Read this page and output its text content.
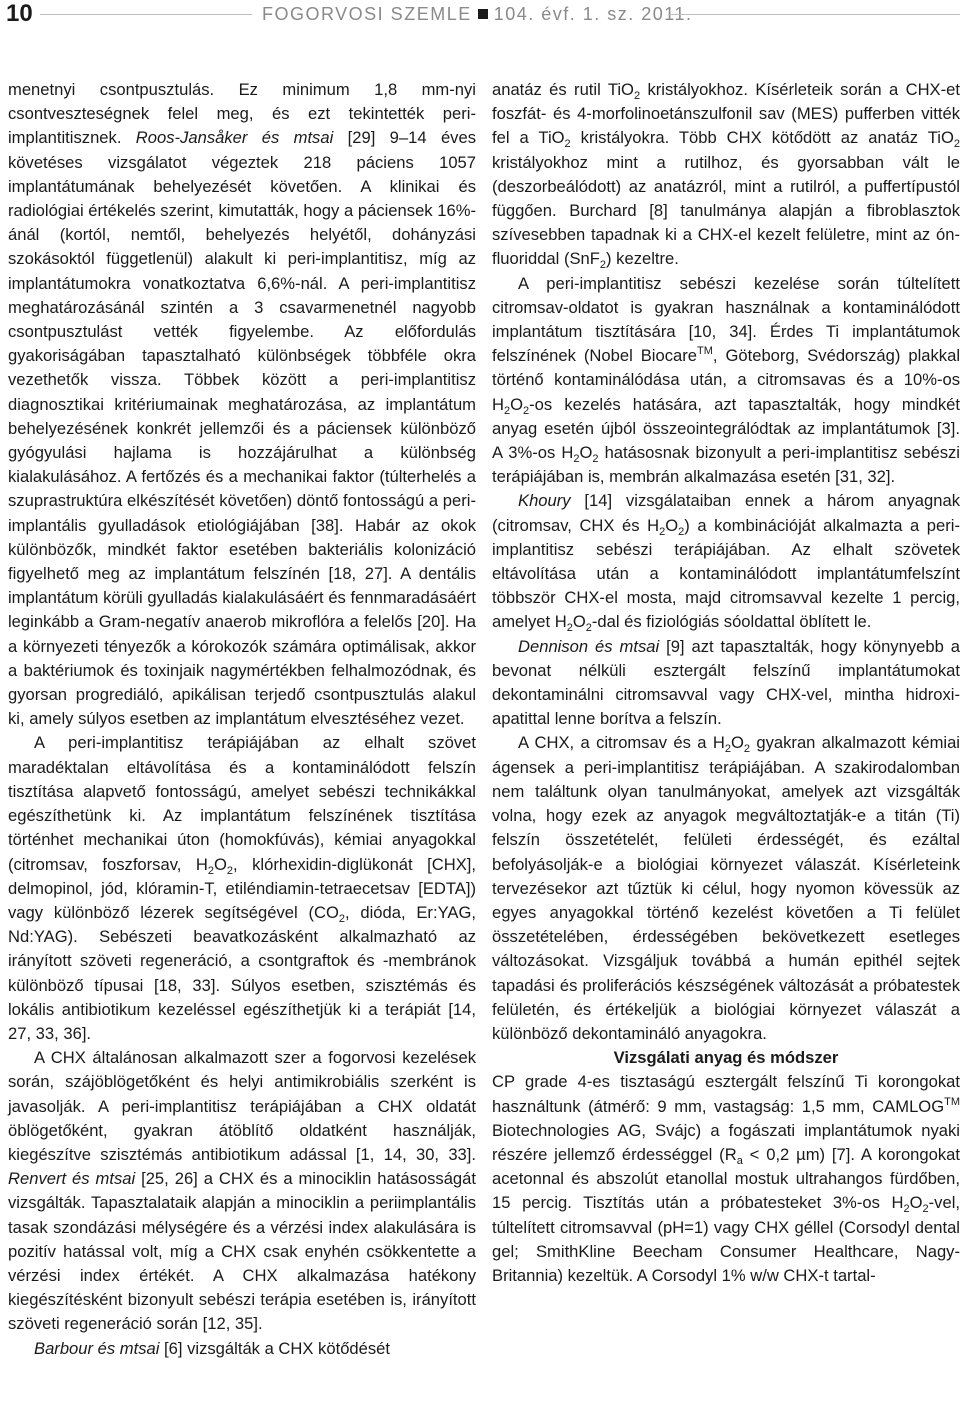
10	FOGORVOSI SZEMLE 104. évf. 1. sz. 2011.

menetnyi csontpusztulás. Ez minimum 1,8 mm-nyi csontveszteségnek felel meg, és ezt tekintették peri-implantitisznek. Roos-Jansåker és mtsai [29] 9–14 éves követéses vizsgálatot végeztek 218 páciens 1057 implantátumának behelyezését követően. A klinikai és radiológiai értékelés szerint, kimutatták, hogy a páciensek 16%-ánál (kortól, nemtől, behelyezés helyétől, dohányzási szokásoktól függetlenül) alakult ki peri-implantitisz, míg az implantátumokra vonatkoztatva 6,6%-nál. A peri-implantitisz meghatározásánál szintén a 3 csavarmenetnél nagyobb csontpusztulást vették figyelembe. Az előfordulás gyakoriságában tapasztalható különbségek többféle okra vezethetők vissza. Többek között a peri-implantitisz diagnosztikai kritériumainak meghatározása, az implantátum behelyezésének konkrét jellemzői és a páciensek különböző gyógyulási hajlama is hozzájárulhat a különbség kialakulásához. A fertőzés és a mechanikai faktor (túlterhelés a szuprastruktúra elkészítését követően) döntő fontosságú a peri-implantális gyulladások etiológiájában [38]. Habár az okok különbözők, mindkét faktor esetében bakteriális kolonizáció figyelhető meg az implantátum felszínén [18, 27]. A dentális implantátum körüli gyulladás kialakulásáért és fennmaradásáért leginkább a Gram-negatív anaerob mikroflóra a felelős [20]. Ha a környezeti tényezők a kórokozók számára optimálisak, akkor a baktériumok és toxinjaik nagymértékben felhalmozódnak, és gyorsan progrediáló, apikálisan terjedő csontpusztulás alakul ki, amely súlyos esetben az implantátum elvesztéséhez vezet.

A peri-implantitisz terápiájában az elhalt szövet maradéktalan eltávolítása és a kontaminálódott felszín tisztítása alapvető fontosságú, amelyet sebészi technikákkal egészíthetünk ki. Az implantátum felszínének tisztítása történhet mechanikai úton (homokfúvás), kémiai anyagokkal (citromsav, foszforsav, $H_2O_2$, klórhexidin-diglükonát [CHX], delmopinol, jód, klóramin-T, etiléndiamin-tetraecetsav [EDTA]) vagy különböző lézerek segítségével ($CO_2$, dióda, Er:YAG, Nd:YAG). Sebészeti beavatkozásként alkalmazható az irányított szöveti regeneráció, a csontgraftok és -membránok különböző típusai [18, 33]. Súlyos esetben, szisztémás és lokális antibiotikum kezeléssel egészíthetjük ki a terápiát [14, 27, 33, 36].

A CHX általánosan alkalmazott szer a fogorvosi kezelések során, szájöblögetőként és helyi antimikrobiális szerként is javasolják. A peri-implantitisz terápiájában a CHX oldatát öblögetőként, gyakran átöblítő oldatként használják, kiegészítve szisztémás antibiotikum adással [1, 14, 30, 33]. Renvert és mtsai [25, 26] a CHX és a minociklin hatásosságát vizsgálták. Tapasztalataik alapján a minociklin a periimplantális tasak szondázási mélységére és a vérzési index alakulására is pozitív hatással volt, míg a CHX csak enyhén csökkentette a vérzési index értékét. A CHX alkalmazása hatékony kiegészítésként bizonyult sebészi terápia esetében is, irányított szöveti regeneráció során [12, 35].

Barbour és mtsai [6] vizsgálták a CHX kötődését

anatáz és rutil TiO$_2$ kristályokhoz. Kísérleteik során a CHX-et foszfát- és 4-morfolinoetánszulfonil sav (MES) pufferben vitték fel a TiO$_2$ kristályokra. Több CHX kötődött az anatáz TiO$_2$ kristályokhoz mint a rutilhoz, és gyorsabban vált le (deszorbeálódott) az anatázról, mint a rutilról, a puffertípustól függően. Burchard [8] tanulmánya alapján a fibroblasztok szívesebben tapadnak ki a CHX-el kezelt felületre, mint az ón-fluoriddal (SnF$_2$) kezeltre.

A peri-implantitisz sebészi kezelése során túltelített citromsav-oldatot is gyakran használnak a kontaminálódott implantátum tisztítására [10, 34]. Érdes Ti implantátumok felszínének (Nobel Biocare™, Göteborg, Svédország) plakkal történő kontaminálódása után, a citromsavas és a 10%-os $H_2O_2-os$ kezelés hatására, azt tapasztalták, hogy mindkét anyag esetén újból összeointegrálódtak az implantátumok [3]. A 3%-os $H_2O_2$ hatásosnak bizonyult a peri-implantitisz sebészi terápiájában is, membrán alkalmazása esetén [31, 32].

Khoury [14] vizsgálataiban ennek a három anyagnak (citromsav, CHX és $H_2O_2$) a kombinációját alkalmazta a peri-implantitisz sebészi terápiájában. Az elhalt szövetek eltávolítása után a kontaminálódott implantátumfelszínt többször CHX-el mosta, majd citromsavval kezelte 1 percig, amelyet $H_2O_2$-dal és fiziológiás sóoldattal öblített le.

Dennison és mtsai [9] azt tapasztalták, hogy könynyebb a bevonat nélküli esztergált felszínű implantátumokat dekontaminálni citromsavval vagy CHX-vel, mintha hidroxi-apatittal lenne borítva a felszín.

A CHX, a citromsav és a $H_2O_2$ gyakran alkalmazott kémiai ágensek a peri-implantitisz terápiájában. A szakirodalomban nem találtunk olyan tanulmányokat, amelyek azt vizsgálták volna, hogy ezek az anyagok megváltoztatják-e a titán (Ti) felszín összetételét, felületi érdességét, és ezáltal befolyásolják-e a biológiai környezet válaszát. Kísérleteink tervezésekor azt tűztük ki célul, hogy nyomon kövessük az egyes anyagokkal történő kezelést követően a Ti felület összetételében, érdességében bekövetkezett esetleges változásokat. Vizsgáljuk továbbá a humán epithél sejtek tapadási és proliferációs készségének változását a próbatestek felületén, és értékeljük a biológiai környezet válaszát a különböző dekontamináló anyagokra.

Vizsgálati anyag és módszer

CP grade 4-es tisztaságú esztergált felszínű Ti korongokat használtunk (átmérő: 9 mm, vastagság: 1,5 mm, CAMLOG™ Biotechnologies AG, Svájc) a fogászati implantátumok nyaki részére jellemző érdességgel ($R_a < 0,2$ µm) [7]. A korongokat acetonnal és abszolút etanollal mostuk ultrahangos fürdőben, 15 percig. Tisztítás után a próbatesteket 3%-os $H_2O_2$-vel, túltelített citromsavval (pH=1) vagy CHX géllel (Corsodyl dental gel; SmithKline Beecham Consumer Healthcare, Nagy-Britannia) kezeltük. A Corsodyl 1% w/w CHX-t tartal-
